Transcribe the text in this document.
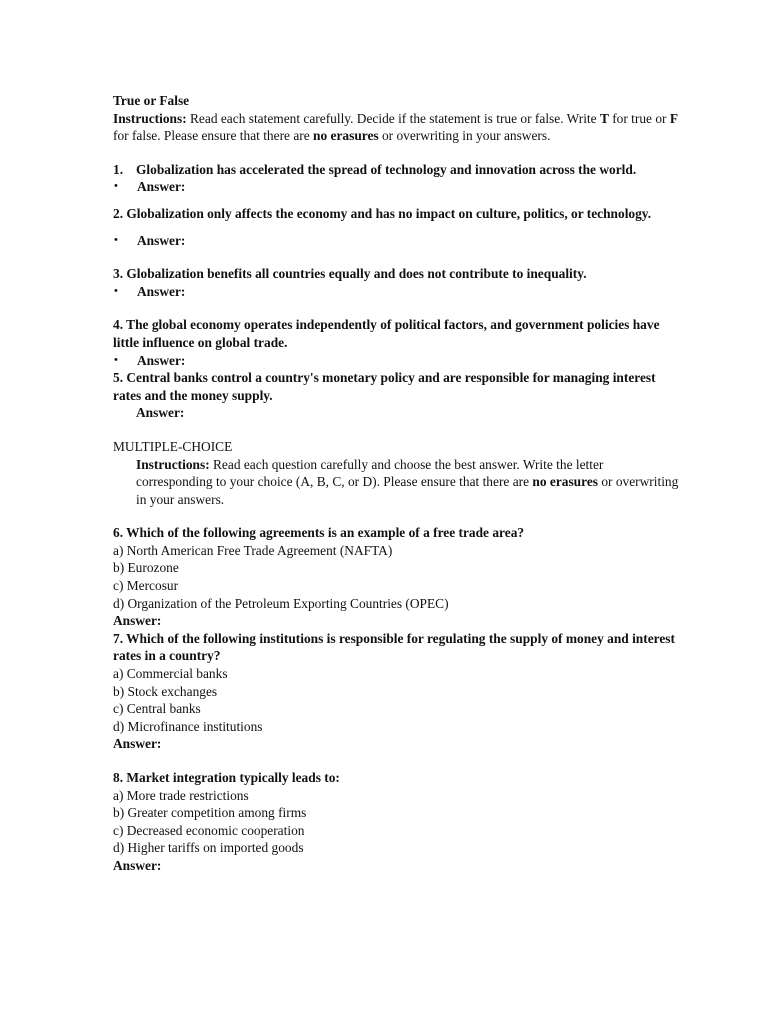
True or False
Instructions: Read each statement carefully. Decide if the statement is true or false. Write T for true or F for false. Please ensure that there are no erasures or overwriting in your answers.
1. Globalization has accelerated the spread of technology and innovation across the world.
•	Answer:
2. Globalization only affects the economy and has no impact on culture, politics, or technology.
•	Answer:
3. Globalization benefits all countries equally and does not contribute to inequality.
•	Answer:
4. The global economy operates independently of political factors, and government policies have little influence on global trade.
•	Answer:
5. Central banks control a country's monetary policy and are responsible for managing interest rates and the money supply.
Answer:
MULTIPLE-CHOICE
Instructions: Read each question carefully and choose the best answer. Write the letter corresponding to your choice (A, B, C, or D). Please ensure that there are no erasures or overwriting in your answers.
6. Which of the following agreements is an example of a free trade area?
a) North American Free Trade Agreement (NAFTA)
b) Eurozone
c) Mercosur
d) Organization of the Petroleum Exporting Countries (OPEC)
Answer:
7. Which of the following institutions is responsible for regulating the supply of money and interest rates in a country?
a) Commercial banks
b) Stock exchanges
c) Central banks
d) Microfinance institutions
Answer:
8. Market integration typically leads to:
a) More trade restrictions
b) Greater competition among firms
c) Decreased economic cooperation
d) Higher tariffs on imported goods
Answer:
